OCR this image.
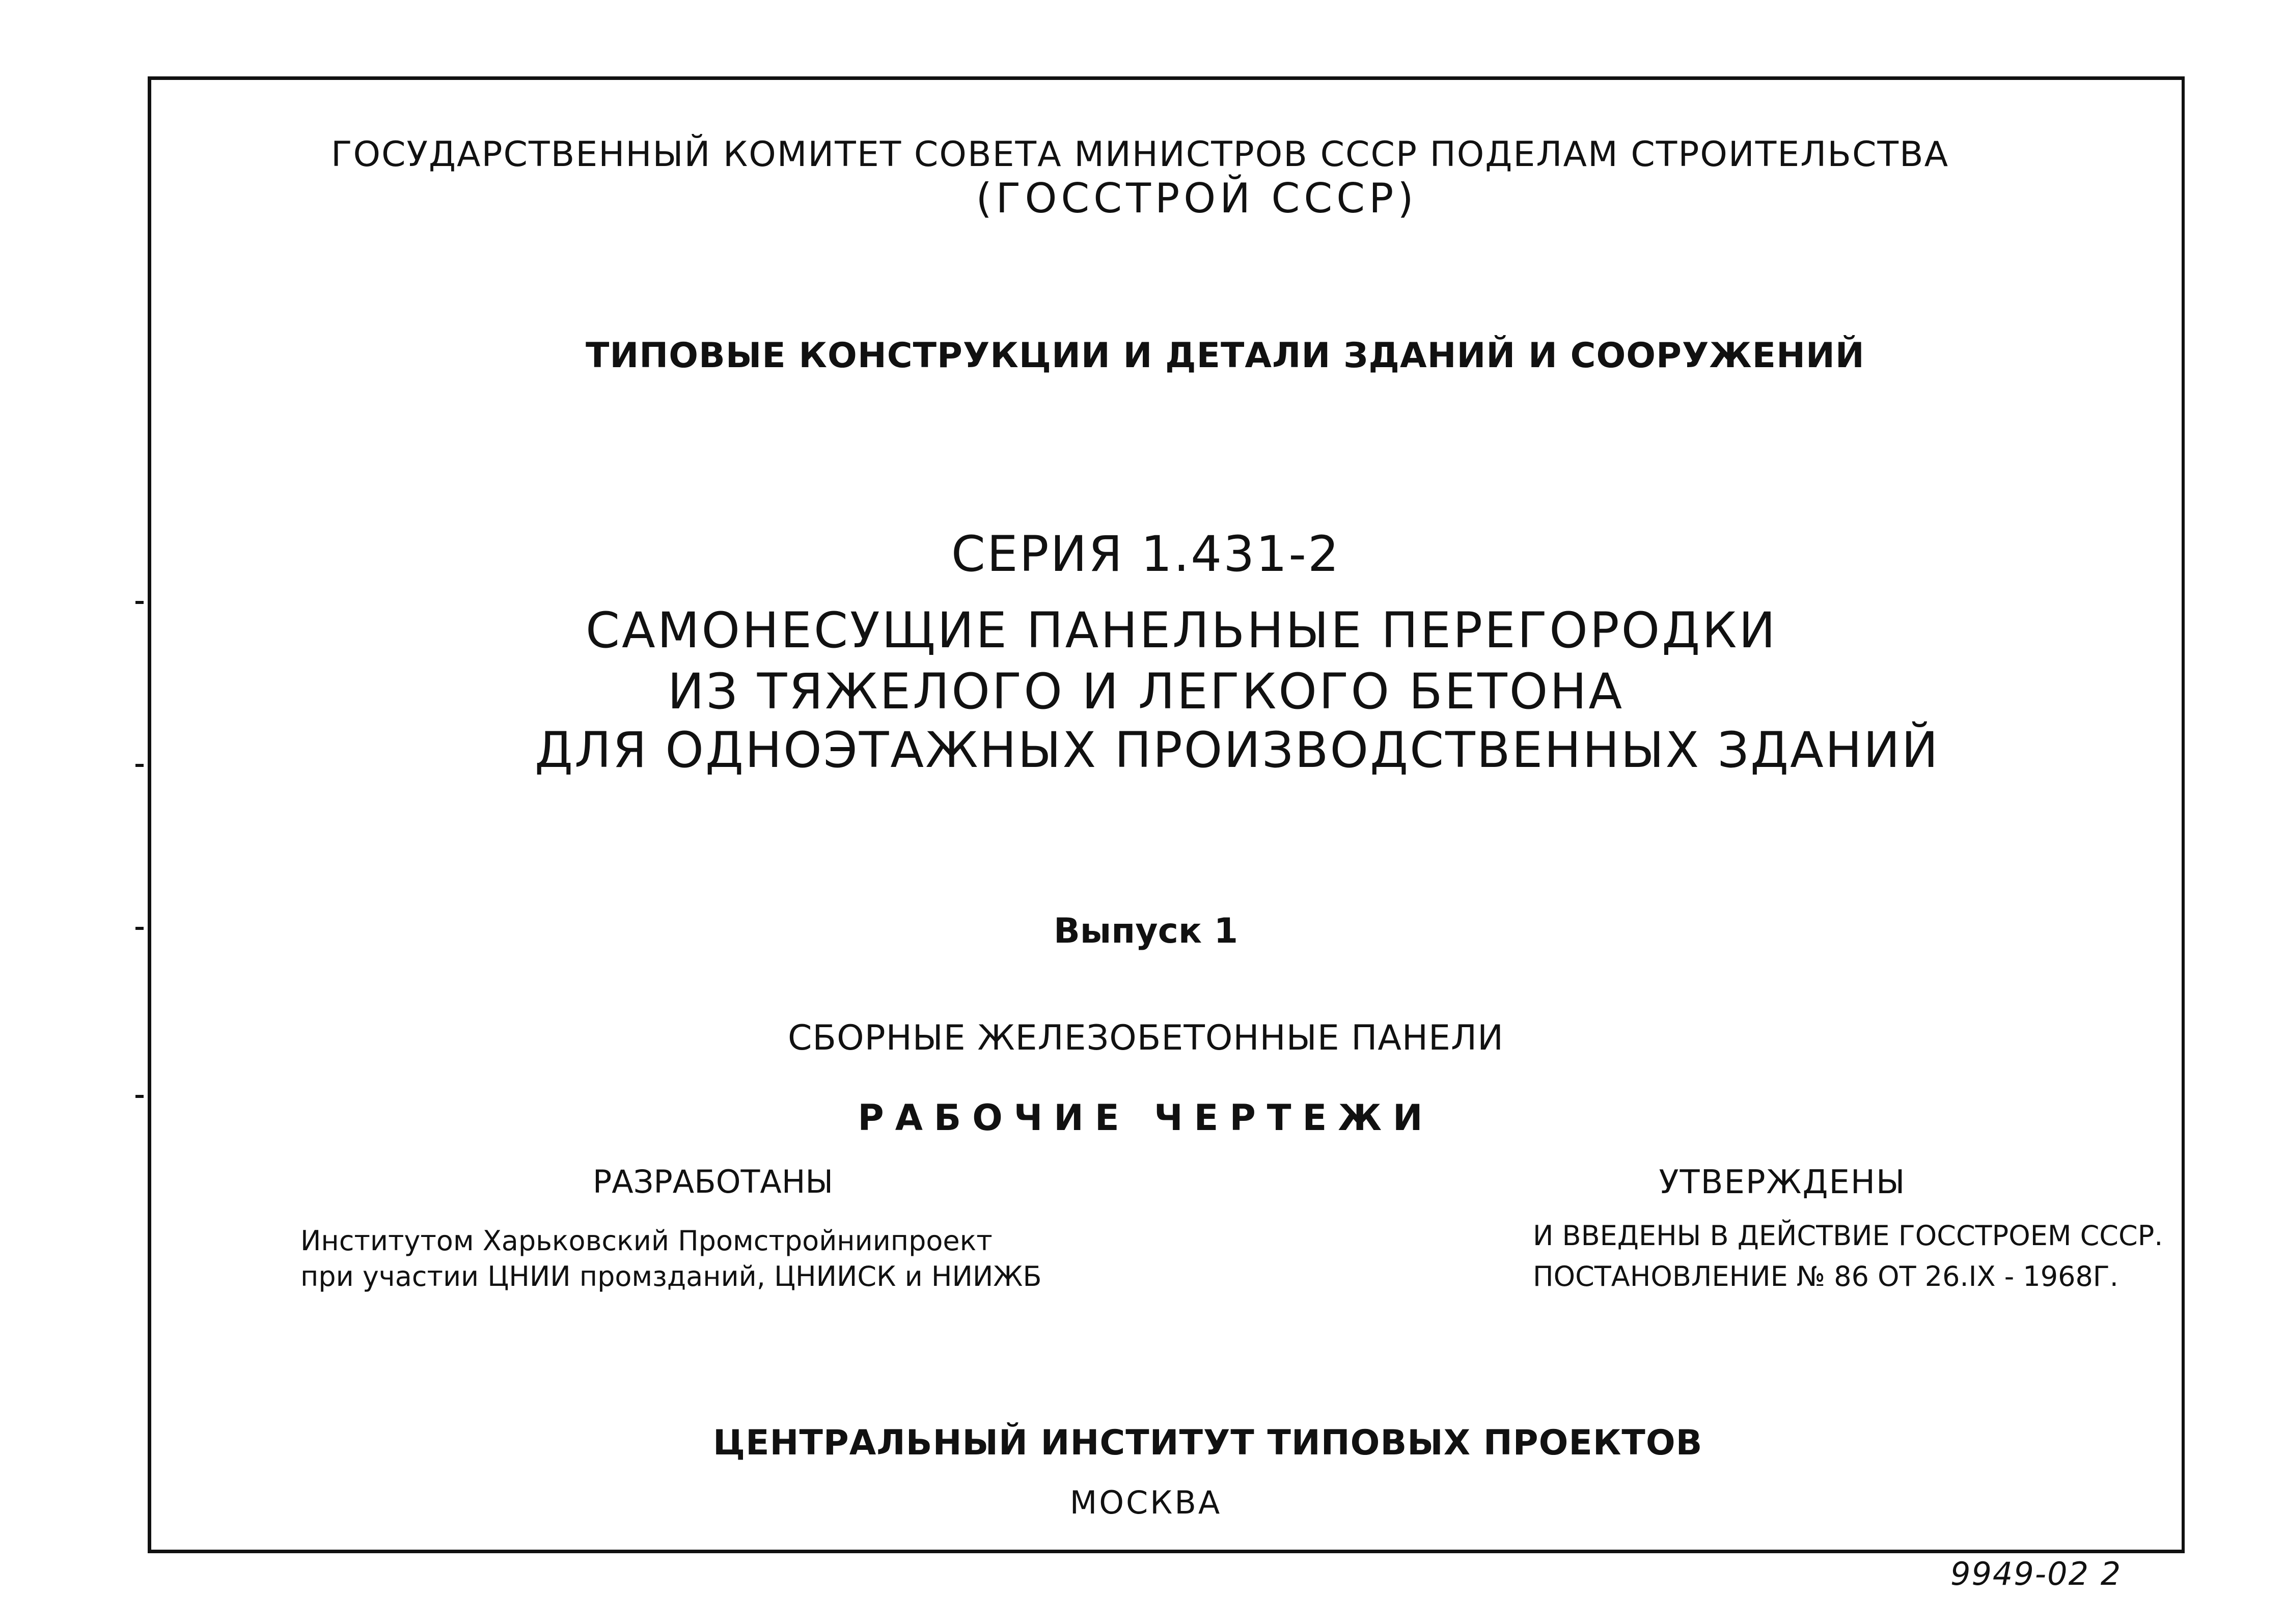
ГОСУДАРСТВЕННЫЙ КОМИТЕТ СОВЕТА МИНИСТРОВ СССР ПОДЕЛАМ СТРОИТЕЛЬСТВА
(ГОССТРОЙ СССР)
ТИПОВЫЕ КОНСТРУКЦИИ И ДЕТАЛИ ЗДАНИЙ И СООРУЖЕНИЙ
СЕРИЯ 1.431-2
САМОНЕСУЩИЕ ПАНЕЛЬНЫЕ ПЕРЕГОРОДКИ
ИЗ ТЯЖЕЛОГО И ЛЕГКОГО БЕТОНА
ДЛЯ ОДНОЭТАЖНЫХ ПРОИЗВОДСТВЕННЫХ ЗДАНИЙ
Выпуск 1
СБОРНЫЕ ЖЕЛЕЗОБЕТОННЫЕ ПАНЕЛИ
РАБОЧИЕ ЧЕРТЕЖИ
РАЗРАБОТАНЫ	УТВЕРЖДЕНЫ
Институтом Харьковский Промстройниипроект
при участии ЦНИИ промзданий, ЦНИИСК и НИИЖБ
И ВВЕДЕНЫ В ДЕЙСТВИЕ ГОССТРОЕМ СССР.
ПОСТАНОВЛЕНИЕ № 86 ОТ 26.IX - 1968Г.
ЦЕНТРАЛЬНЫЙ ИНСТИТУТ ТИПОВЫХ ПРОЕКТОВ
МОСКВА
9949-02 2
